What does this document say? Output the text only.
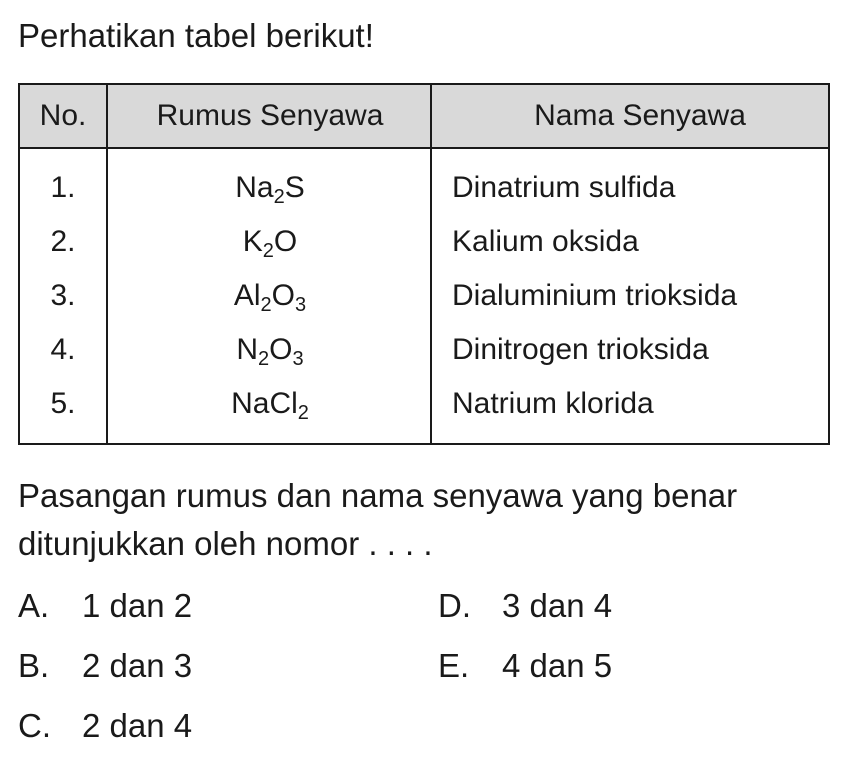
Perhatikan tabel berikut!
No.	Rumus Senyawa	Nama Senyawa
1.	$Na_2S$	Dinatrium sulfida
2.	$K_2O$	Kalium oksida
3.	$Al_2O_3$	Dialuminium trioksida
4.	$N_2O_3$	Dinitrogen trioksida
5.	NaCl$_2$	Natrium klorida
Pasangan rumus dan nama senyawa yang benar ditunjukkan oleh nomor . . . .
A. 1 dan 2
B. 2 dan 3
C. 2 dan 4
D. 3 dan 4
E. 4 dan 5
